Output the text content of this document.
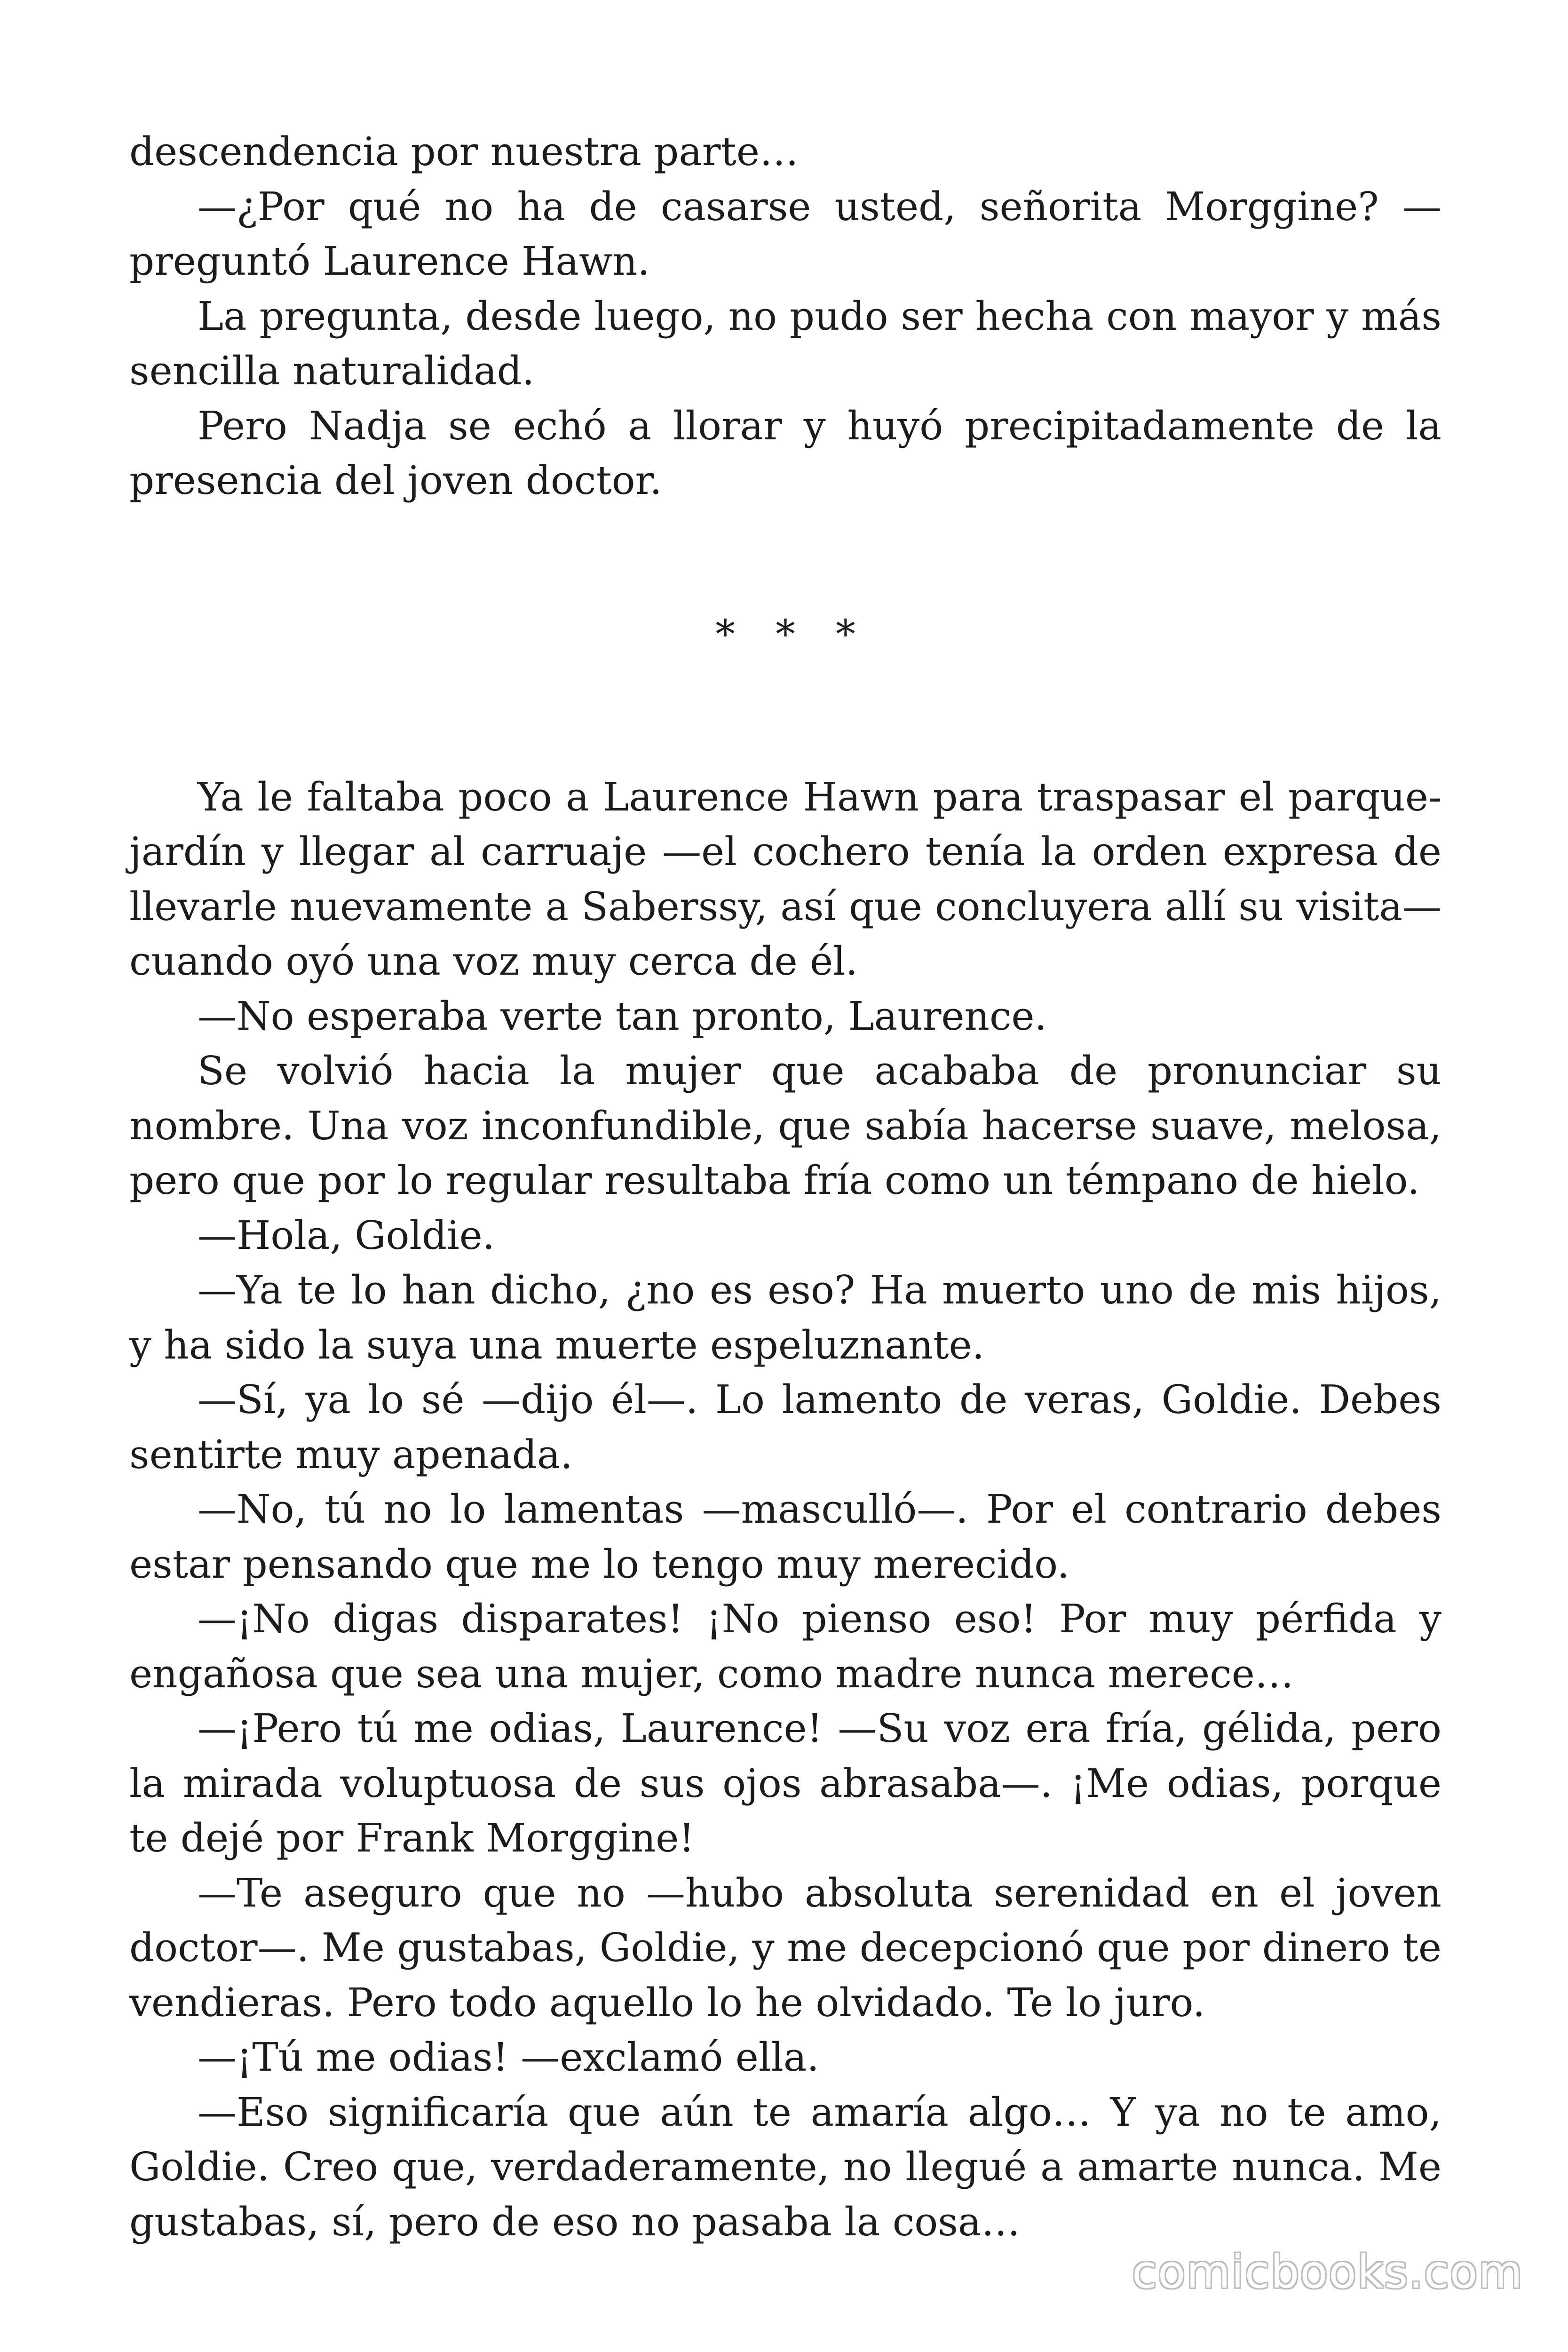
descendencia por nuestra parte…

—¿Por qué no ha de casarse usted, señorita Morggine? —preguntó Laurence Hawn.

La pregunta, desde luego, no pudo ser hecha con mayor y más sencilla naturalidad.

Pero Nadja se echó a llorar y huyó precipitadamente de la presencia del joven doctor.

* * *

Ya le faltaba poco a Laurence Hawn para traspasar el parque-jardín y llegar al carruaje —el cochero tenía la orden expresa de llevarle nuevamente a Saberssy, así que concluyera allí su visita— cuando oyó una voz muy cerca de él.

—No esperaba verte tan pronto, Laurence.

Se volvió hacia la mujer que acababa de pronunciar su nombre. Una voz inconfundible, que sabía hacerse suave, melosa, pero que por lo regular resultaba fría como un témpano de hielo.

—Hola, Goldie.

—Ya te lo han dicho, ¿no es eso? Ha muerto uno de mis hijos, y ha sido la suya una muerte espeluznante.

—Sí, ya lo sé —dijo él—. Lo lamento de veras, Goldie. Debes sentirte muy apenada.

—No, tú no lo lamentas —masculló—. Por el contrario debes estar pensando que me lo tengo muy merecido.

—¡No digas disparates! ¡No pienso eso! Por muy pérfida y engañosa que sea una mujer, como madre nunca merece…

—¡Pero tú me odias, Laurence! —Su voz era fría, gélida, pero la mirada voluptuosa de sus ojos abrasaba—. ¡Me odias, porque te dejé por Frank Morggine!

—Te aseguro que no —hubo absoluta serenidad en el joven doctor—. Me gustabas, Goldie, y me decepcionó que por dinero te vendieras. Pero todo aquello lo he olvidado. Te lo juro.

—¡Tú me odias! —exclamó ella.

—Eso significaría que aún te amaría algo… Y ya no te amo, Goldie. Creo que, verdaderamente, no llegué a amarte nunca. Me gustabas, sí, pero de eso no pasaba la cosa…

comicbooks.com
